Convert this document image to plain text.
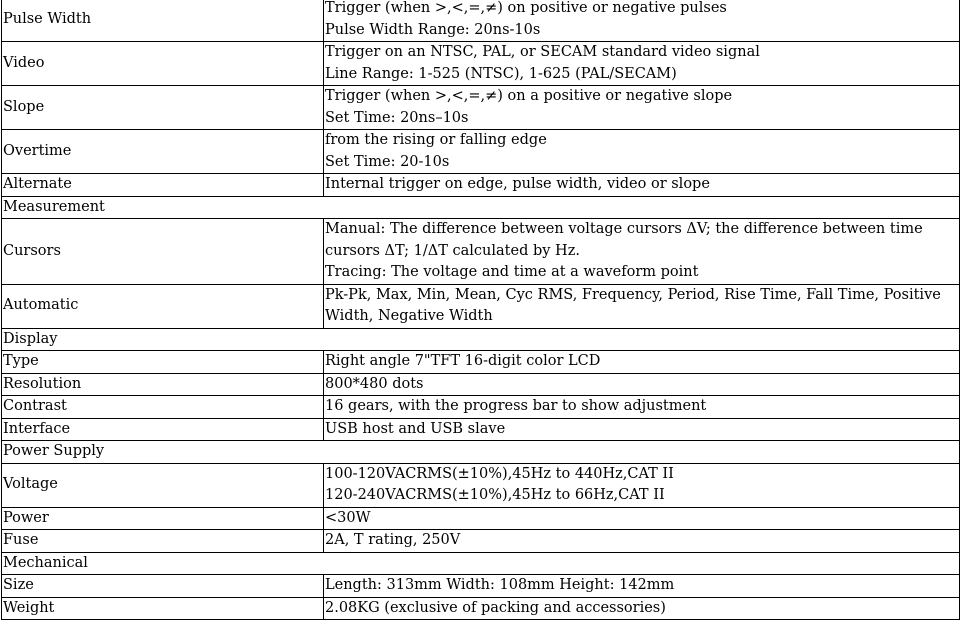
Pulse Width	Trigger (when >,<,=,≠) on positive or negative pulses
Pulse Width Range: 20ns-10s

Video	Trigger on an NTSC, PAL, or SECAM standard video signal
Line Range: 1-525 (NTSC), 1-625 (PAL/SECAM)

Slope	Trigger (when >,<,=,≠) on a positive or negative slope
Set Time: 20ns–10s

Overtime	from the rising or falling edge
Set Time: 20-10s

Alternate	Internal trigger on edge, pulse width, video or slope

Measurement	
Cursors	Manual: The difference between voltage cursors ΔV; the difference between time cursors ΔT; 1/ΔT calculated by Hz.
Tracing: The voltage and time at a waveform point

Automatic	Pk-Pk, Max, Min, Mean, Cyc RMS, Frequency, Period, Rise Time, Fall Time, Positive Width, Negative Width

Display	
Type	Right angle 7"TFT 16-digit color LCD

Resolution	800*480 dots

Contrast	16 gears, with the progress bar to show adjustment

Interface	USB host and USB slave

Power Supply	
Voltage	100-120VACRMS(±10%),45Hz to 440Hz,CAT II
120-240VACRMS(±10%),45Hz to 66Hz,CAT II

Power	<30W

Fuse	2A, T rating, 250V

Mechanical	
Size	Length: 313mm Width: 108mm Height: 142mm

Weight	2.08KG (exclusive of packing and accessories)
